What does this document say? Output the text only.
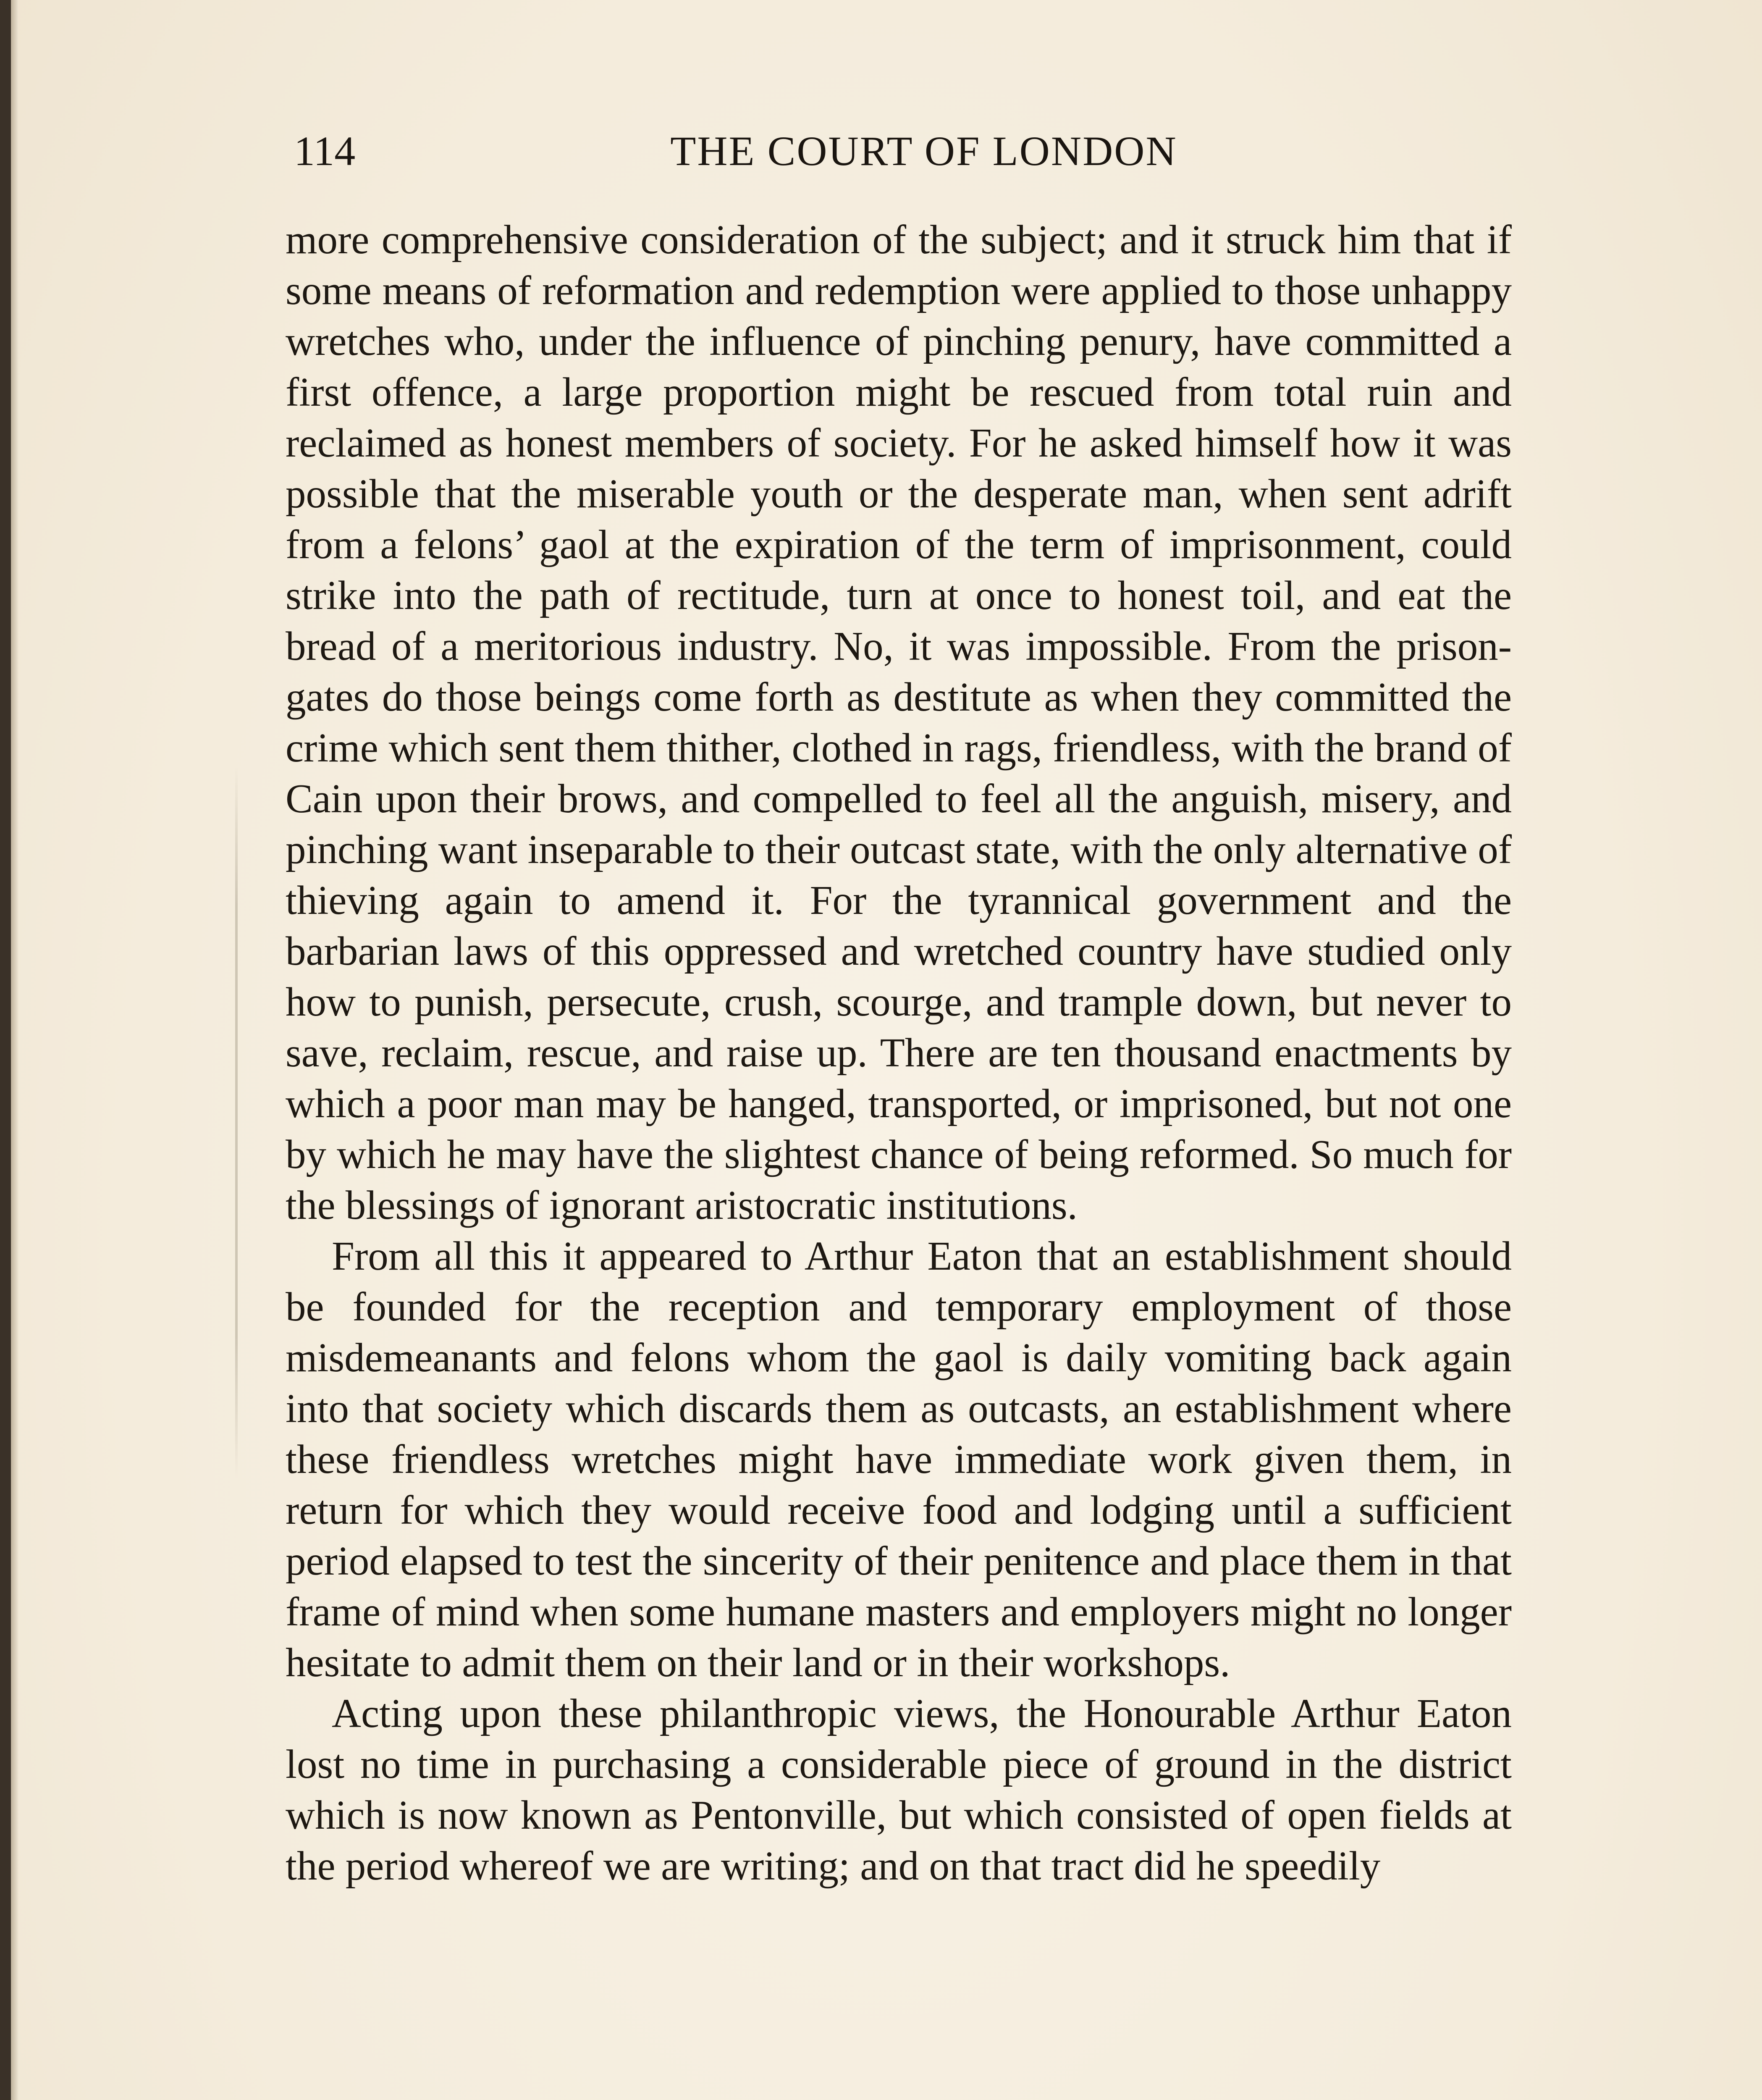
114	THE COURT OF LONDON

more comprehensive consideration of the subject; and it struck him that if some means of reformation and redemption were applied to those unhappy wretches who, under the influence of pinching penury, have committed a first offence, a large proportion might be rescued from total ruin and reclaimed as honest members of society. For he asked himself how it was possible that the miserable youth or the desperate man, when sent adrift from a felons’ gaol at the expiration of the term of imprisonment, could strike into the path of rectitude, turn at once to honest toil, and eat the bread of a meritorious industry. No, it was impossible. From the prison-gates do those beings come forth as destitute as when they committed the crime which sent them thither, clothed in rags, friendless, with the brand of Cain upon their brows, and compelled to feel all the anguish, misery, and pinching want inseparable to their outcast state, with the only alternative of thieving again to amend it. For the tyrannical government and the barbarian laws of this oppressed and wretched country have studied only how to punish, persecute, crush, scourge, and trample down, but never to save, reclaim, rescue, and raise up. There are ten thousand enactments by which a poor man may be hanged, transported, or imprisoned, but not one by which he may have the slightest chance of being reformed. So much for the blessings of ignorant aristocratic institutions.

From all this it appeared to Arthur Eaton that an establishment should be founded for the reception and temporary employment of those misdemeanants and felons whom the gaol is daily vomiting back again into that society which discards them as outcasts, an establishment where these friendless wretches might have immediate work given them, in return for which they would receive food and lodging until a sufficient period elapsed to test the sincerity of their penitence and place them in that frame of mind when some humane masters and employers might no longer hesitate to admit them on their land or in their workshops.

Acting upon these philanthropic views, the Honourable Arthur Eaton lost no time in purchasing a considerable piece of ground in the district which is now known as Pentonville, but which consisted of open fields at the period whereof we are writing; and on that tract did he speedily
